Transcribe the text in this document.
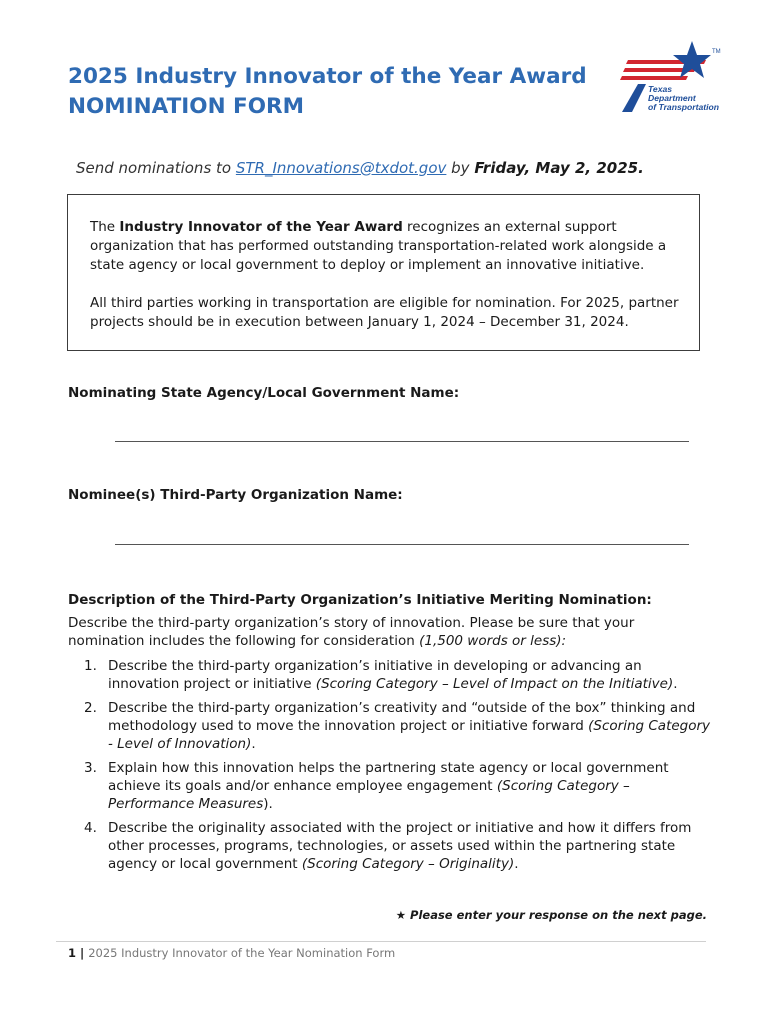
2025 Industry Innovator of the Year Award
NOMINATION FORM
TM
Texas
Department
of Transportation
Send nominations to STR_Innovations@txdot.gov by Friday, May 2, 2025.

The Industry Innovator of the Year Award recognizes an external support organization that has performed outstanding transportation-related work alongside a state agency or local government to deploy or implement an innovative initiative.

All third parties working in transportation are eligible for nomination. For 2025, partner projects should be in execution between January 1, 2024 – December 31, 2024.

Nominating State Agency/Local Government Name:

Nominee(s) Third-Party Organization Name:

Description of the Third-Party Organization’s Initiative Meriting Nomination:

Describe the third-party organization’s story of innovation. Please be sure that your nomination includes the following for consideration (1,500 words or less):

1. Describe the third-party organization’s initiative in developing or advancing an innovation project or initiative (Scoring Category – Level of Impact on the Initiative).
2. Describe the third-party organization’s creativity and “outside of the box” thinking and methodology used to move the innovation project or initiative forward (Scoring Category - Level of Innovation).
3. Explain how this innovation helps the partnering state agency or local government achieve its goals and/or enhance employee engagement (Scoring Category – Performance Measures).
4. Describe the originality associated with the project or initiative and how it differs from other processes, programs, technologies, or assets used within the partnering state agency or local government (Scoring Category – Originality).
★ Please enter your response on the next page.
1 | 2025 Industry Innovator of the Year Nomination Form
